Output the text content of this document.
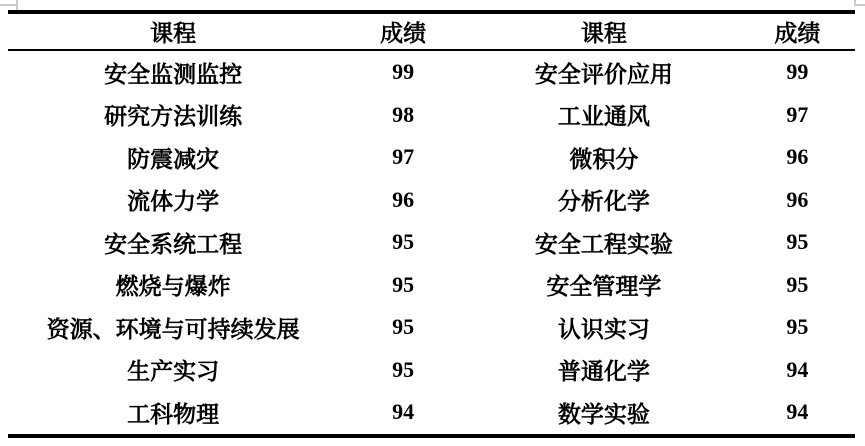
课程	成绩	课程	成绩
安全监测监控	99	安全评价应用	99
研究方法训练	98	工业通风	97
防震减灾	97	微积分	96
流体力学	96	分析化学	96
安全系统工程	95	安全工程实验	95
燃烧与爆炸	95	安全管理学	95
资源、环境与可持续发展	95	认识实习	95
生产实习	95	普通化学	94
工科物理	94	数学实验	94
